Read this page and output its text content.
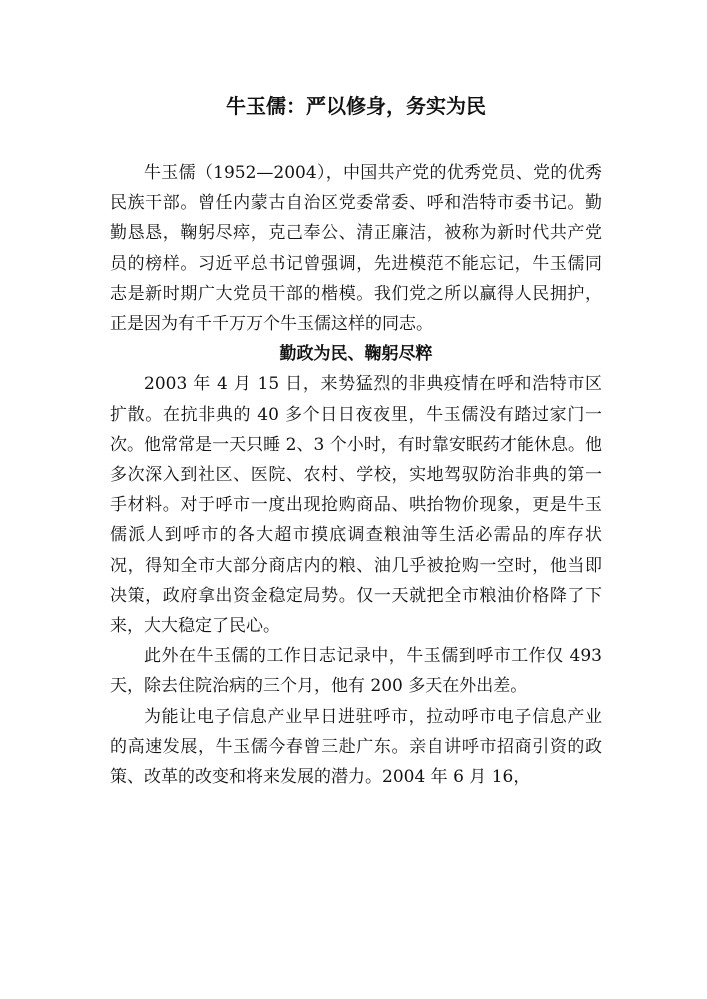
牛玉儒：严以修身，务实为民

牛玉儒（1952—2004），中国共产党的优秀党员、党的优秀民族干部。曾任内蒙古自治区党委常委、呼和浩特市委书记。勤勤恳恳，鞠躬尽瘁，克己奉公、清正廉洁，被称为新时代共产党员的榜样。习近平总书记曾强调，先进模范不能忘记，牛玉儒同志是新时期广大党员干部的楷模。我们党之所以赢得人民拥护，正是因为有千千万万个牛玉儒这样的同志。

勤政为民、鞠躬尽粹

2003 年 4 月 15 日，来势猛烈的非典疫情在呼和浩特市区扩散。在抗非典的 40 多个日日夜夜里，牛玉儒没有踏过家门一次。他常常是一天只睡 2、3 个小时，有时靠安眠药才能休息。他多次深入到社区、医院、农村、学校，实地驾驭防治非典的第一手材料。对于呼市一度出现抢购商品、哄抬物价现象，更是牛玉儒派人到呼市的各大超市摸底调查粮油等生活必需品的库存状况，得知全市大部分商店内的粮、油几乎被抢购一空时，他当即决策，政府拿出资金稳定局势。仅一天就把全市粮油价格降了下来，大大稳定了民心。

此外在牛玉儒的工作日志记录中，牛玉儒到呼市工作仅 493 天，除去住院治病的三个月，他有 200 多天在外出差。

为能让电子信息产业早日进驻呼市，拉动呼市电子信息产业的高速发展，牛玉儒今春曾三赴广东。亲自讲呼市招商引资的政策、改革的改变和将来发展的潜力。2004 年 6 月 16，
